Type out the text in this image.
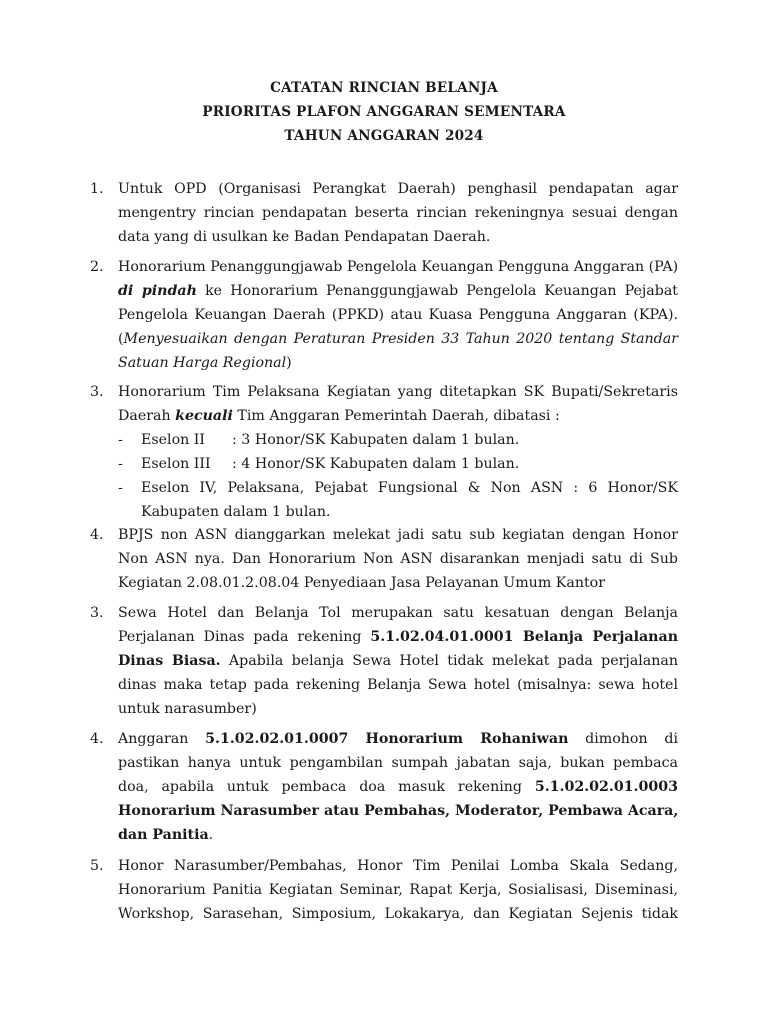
CATATAN RINCIAN BELANJA
PRIORITAS PLAFON ANGGARAN SEMENTARA
TAHUN ANGGARAN 2024
1. Untuk OPD (Organisasi Perangkat Daerah) penghasil pendapatan agar
mengentry rincian pendapatan beserta rincian rekeningnya sesuai dengan
data yang di usulkan ke Badan Pendapatan Daerah.
2. Honorarium Penanggungjawab Pengelola Keuangan Pengguna Anggaran (PA)
di pindah ke Honorarium Penanggungjawab Pengelola Keuangan Pejabat
Pengelola Keuangan Daerah (PPKD) atau Kuasa Pengguna Anggaran (KPA).
(Menyesuaikan dengan Peraturan Presiden 33 Tahun 2020 tentang Standar
Satuan Harga Regional)
3. Honorarium Tim Pelaksana Kegiatan yang ditetapkan SK Bupati/Sekretaris
Daerah kecuali Tim Anggaran Pemerintah Daerah, dibatasi :
- Eselon II : 3 Honor/SK Kabupaten dalam 1 bulan.
- Eselon III : 4 Honor/SK Kabupaten dalam 1 bulan.
- Eselon IV, Pelaksana, Pejabat Fungsional & Non ASN : 6 Honor/SK
Kabupaten dalam 1 bulan.
4. BPJS non ASN dianggarkan melekat jadi satu sub kegiatan dengan Honor
Non ASN nya. Dan Honorarium Non ASN disarankan menjadi satu di Sub
Kegiatan 2.08.01.2.08.04 Penyediaan Jasa Pelayanan Umum Kantor
3. Sewa Hotel dan Belanja Tol merupakan satu kesatuan dengan Belanja
Perjalanan Dinas pada rekening 5.1.02.04.01.0001 Belanja Perjalanan
Dinas Biasa. Apabila belanja Sewa Hotel tidak melekat pada perjalanan
dinas maka tetap pada rekening Belanja Sewa hotel (misalnya: sewa hotel
untuk narasumber)
4. Anggaran 5.1.02.02.01.0007 Honorarium Rohaniwan dimohon di
pastikan hanya untuk pengambilan sumpah jabatan saja, bukan pembaca
doa, apabila untuk pembaca doa masuk rekening 5.1.02.02.01.0003
Honorarium Narasumber atau Pembahas, Moderator, Pembawa Acara,
dan Panitia.
5. Honor Narasumber/Pembahas, Honor Tim Penilai Lomba Skala Sedang,
Honorarium Panitia Kegiatan Seminar, Rapat Kerja, Sosialisasi, Diseminasi,
Workshop, Sarasehan, Simposium, Lokakarya, dan Kegiatan Sejenis tidak
